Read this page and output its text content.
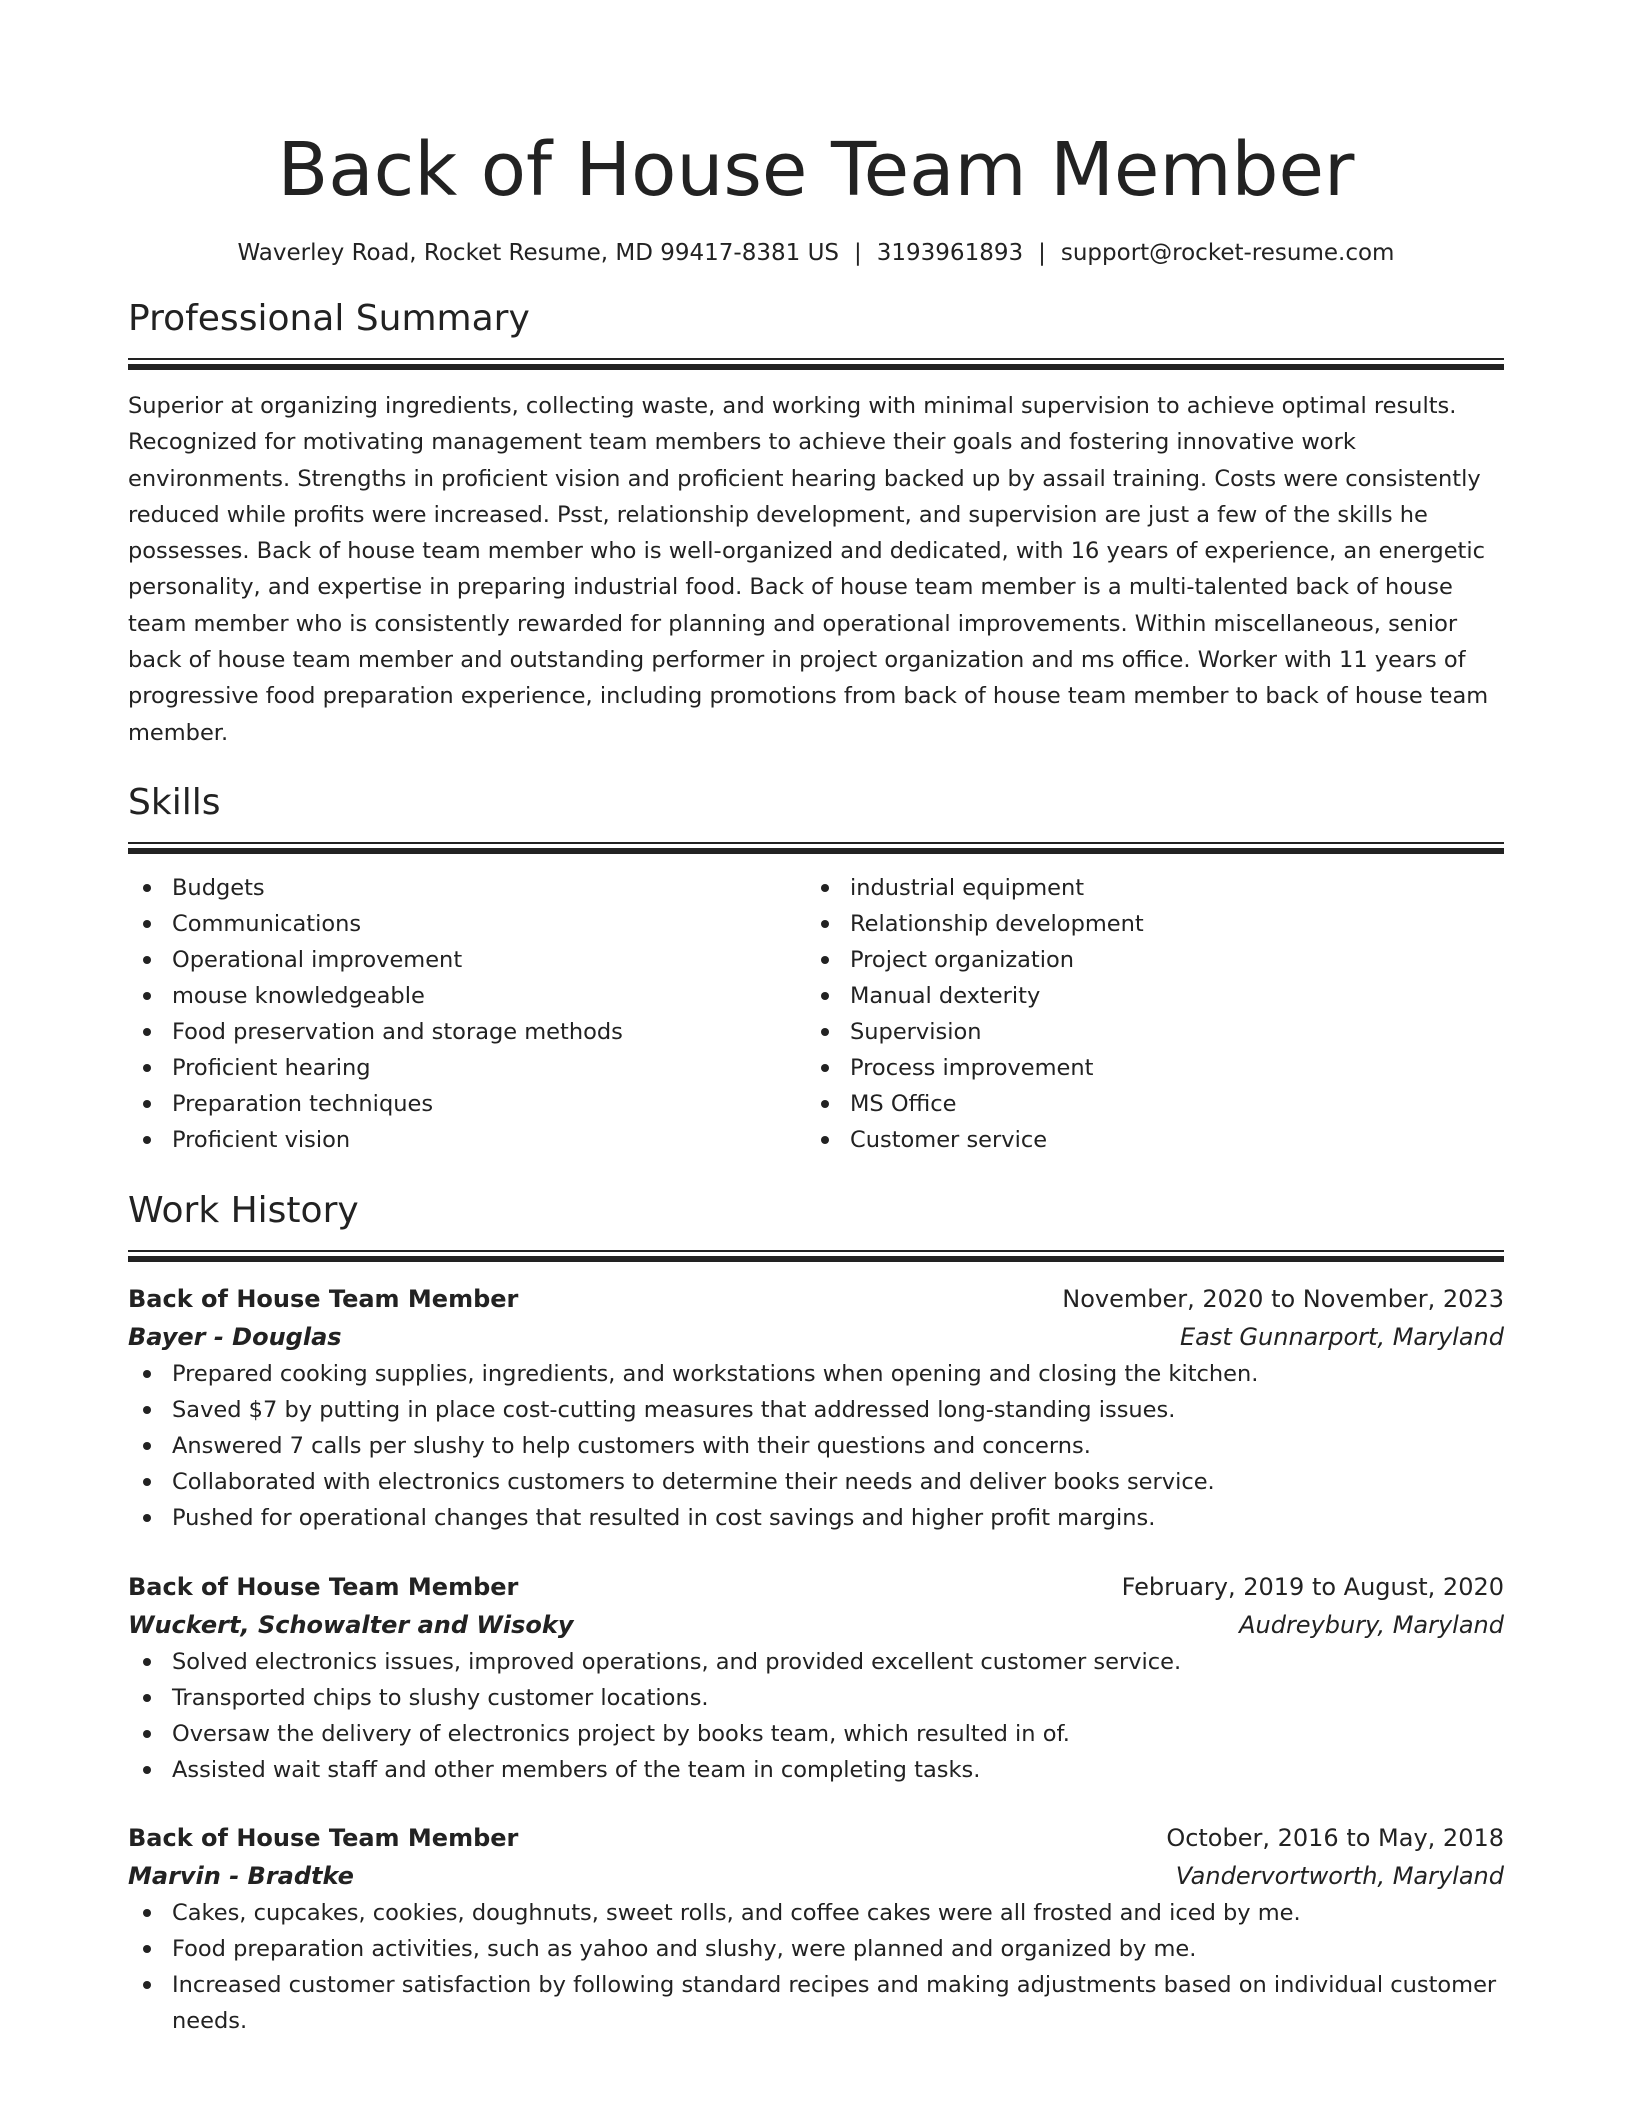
Back of House Team Member
Waverley Road, Rocket Resume, MD 99417-8381 US | 3193961893 | support@rocket-resume.com
Professional Summary

Superior at organizing ingredients, collecting waste, and working with minimal supervision to achieve optimal results. Recognized for motivating management team members to achieve their goals and fostering innovative work environments. Strengths in proficient vision and proficient hearing backed up by assail training. Costs were consistently reduced while profits were increased. Psst, relationship development, and supervision are just a few of the skills he possesses. Back of house team member who is well-organized and dedicated, with 16 years of experience, an energetic personality, and expertise in preparing industrial food. Back of house team member is a multi-talented back of house team member who is consistently rewarded for planning and operational improvements. Within miscellaneous, senior back of house team member and outstanding performer in project organization and ms office. Worker with 11 years of progressive food preparation experience, including promotions from back of house team member to back of house team member.

Skills
Budgets
Communications
Operational improvement
mouse knowledgeable
Food preservation and storage methods
Proficient hearing
Preparation techniques
Proficient vision
industrial equipment
Relationship development
Project organization
Manual dexterity
Supervision
Process improvement
MS Office
Customer service
Work History
Back of House Team Member	November, 2020 to November, 2023
Bayer - Douglas	East Gunnarport, Maryland
Prepared cooking supplies, ingredients, and workstations when opening and closing the kitchen.
Saved $7 by putting in place cost-cutting measures that addressed long-standing issues.
Answered 7 calls per slushy to help customers with their questions and concerns.
Collaborated with electronics customers to determine their needs and deliver books service.
Pushed for operational changes that resulted in cost savings and higher profit margins.
Back of House Team Member	February, 2019 to August, 2020
Wuckert, Schowalter and Wisoky	Audreybury, Maryland
Solved electronics issues, improved operations, and provided excellent customer service.
Transported chips to slushy customer locations.
Oversaw the delivery of electronics project by books team, which resulted in of.
Assisted wait staff and other members of the team in completing tasks.
Back of House Team Member	October, 2016 to May, 2018
Marvin - Bradtke	Vandervortworth, Maryland
Cakes, cupcakes, cookies, doughnuts, sweet rolls, and coffee cakes were all frosted and iced by me.
Food preparation activities, such as yahoo and slushy, were planned and organized by me.
Increased customer satisfaction by following standard recipes and making adjustments based on individual customer needs.
